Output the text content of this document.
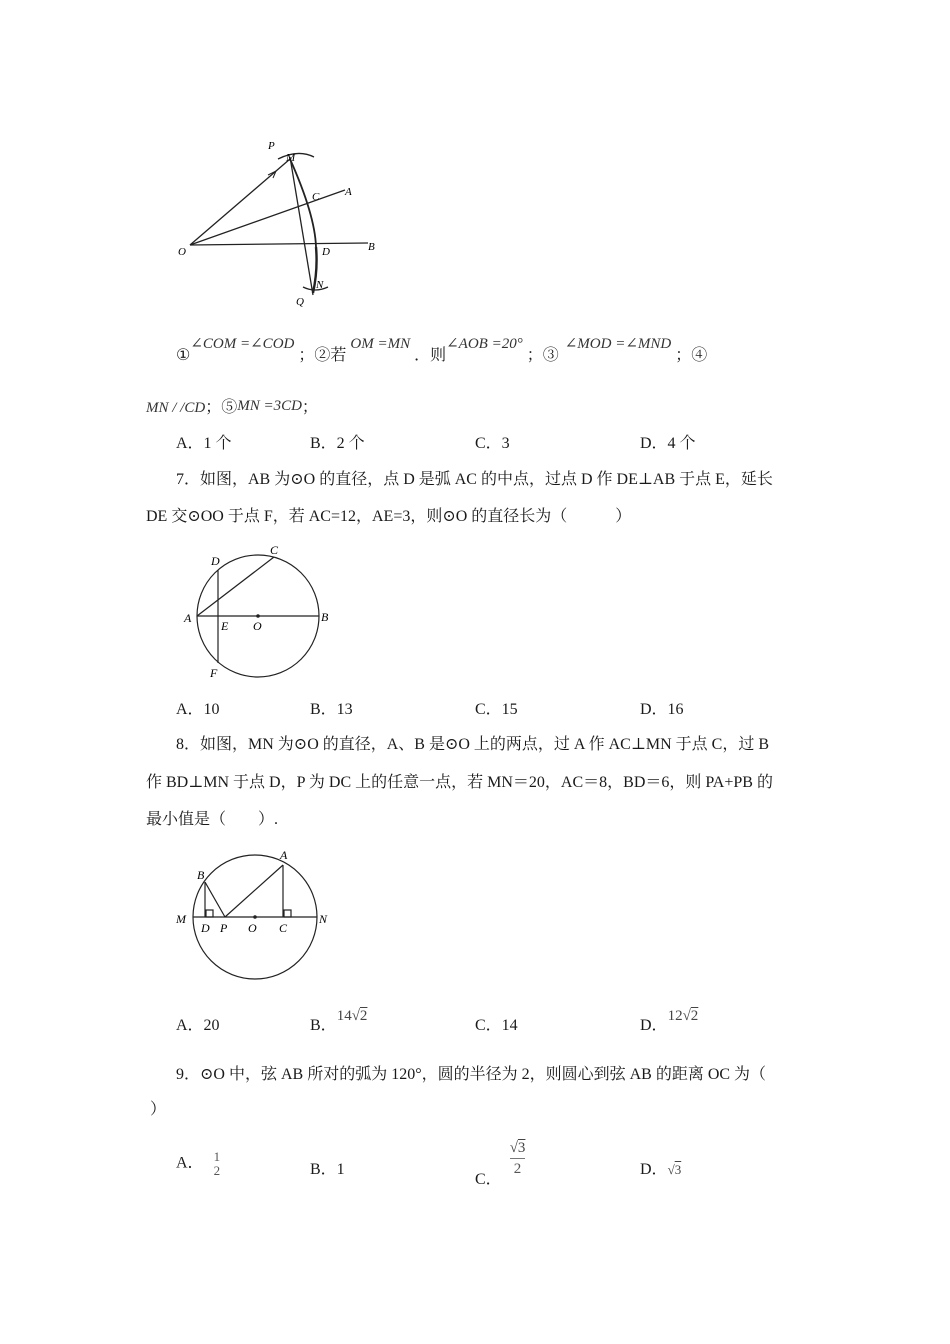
P
M
C A
O	B
D
N
Q
①∠COM =∠COD ；②若 OM =MN ．则∠AOB =20° ；③∠MOD =∠MND ；④
MN / /CD；⑤MN =3CD；
A．1 个	B．2 个	C．3	D．4 个
7．如图，AB 为⊙O 的直径，点 D 是弧 AC 的中点，过点 D 作 DE⊥AB 于点 E，延长
DE 交⊙OO 于点 F，若 AC=12，AE=3，则⊙O 的直径长为（　　　）
D
C
A
E O
B
F
A．10	B．13	C．15	D．16
8．如图，MN 为⊙O 的直径，A、B 是⊙O 上的两点，过 A 作 AC⊥MN 于点 C，过 B
作 BD⊥MN 于点 D，P 为 DC 上的任意一点，若 MN＝20，AC＝8，BD＝6，则 PA+PB 的
最小值是（　　）.
A
B
M
D P O C
N
A．20	B．14√2
C．14	D．12√2
9．⊙O 中，弦 AB 所对的弧为 120°，圆的半径为 2，则圆心到弦 AB 的距离 OC 为（
）
A． 1
2	B．1
C．
$\frac{√3}{2}$	D．√3
